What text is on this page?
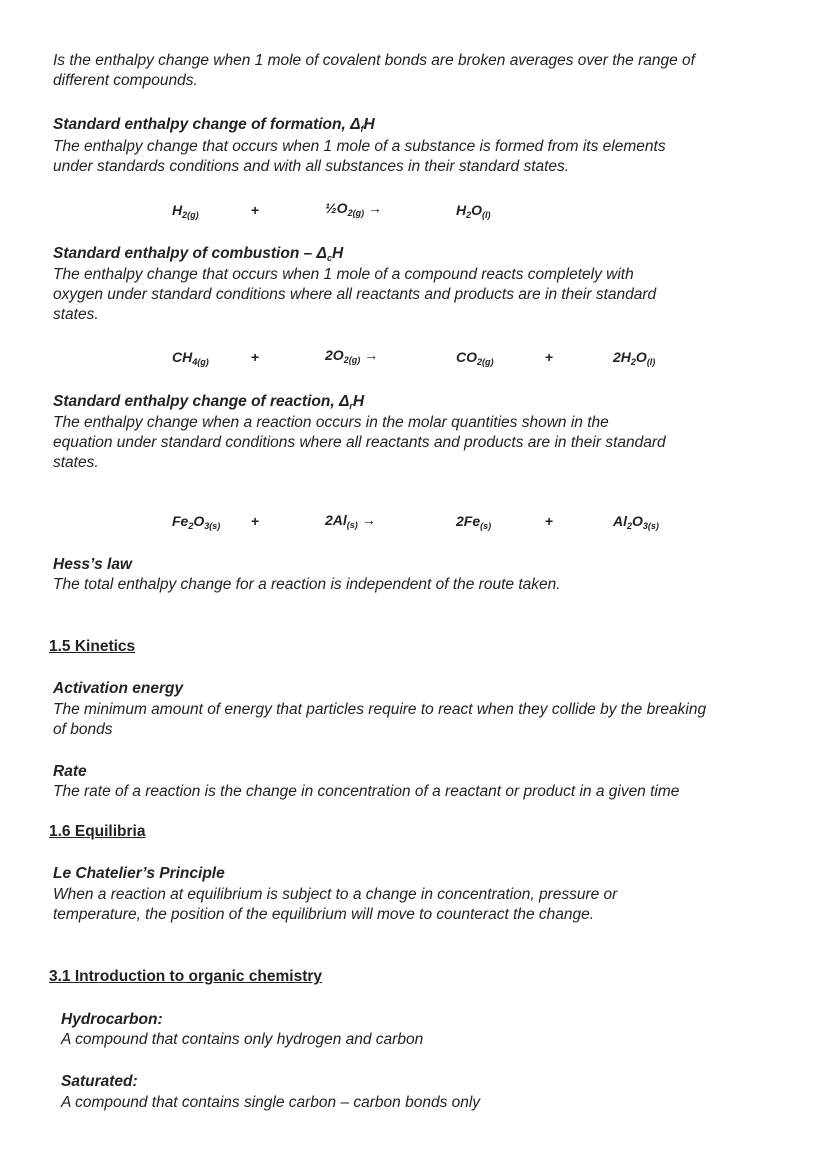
Is the enthalpy change when 1 mole of covalent bonds are broken averages over the range of
different compounds.
Standard enthalpy change of formation, ΔfH
The enthalpy change that occurs when 1 mole of a substance is formed from its elements
under standards conditions and with all substances in their standard states.
$H_{2(g)}$	+	$\frac{1}{2}O_{2(g)}$ →	$H_2O_{(l)}$
Standard enthalpy of combustion – ΔcH
The enthalpy change that occurs when 1 mole of a compound reacts completely with
oxygen under standard conditions where all reactants and products are in their standard
states.
$CH_{4(g)}$	+	$2O_{2(g)}$ →	$CO_{2(g)}$	+	$2H_2O_{(l)}$
Standard enthalpy change of reaction, ΔrH
The enthalpy change when a reaction occurs in the molar quantities shown in the
equation under standard conditions where all reactants and products are in their standard
states.
$Fe_2O_{3(s)}$ +	$2Al_{(s)}$ →	$2Fe_{(s)}$	+	$Al_2O_{3(s)}$
Hess’s law
The total enthalpy change for a reaction is independent of the route taken.
1.5 Kinetics
Activation energy
The minimum amount of energy that particles require to react when they collide by the breaking
of bonds
Rate
The rate of a reaction is the change in concentration of a reactant or product in a given time
1.6 Equilibria
Le Chatelier’s Principle
When a reaction at equilibrium is subject to a change in concentration, pressure or
temperature, the position of the equilibrium will move to counteract the change.
3.1 Introduction to organic chemistry
Hydrocarbon:
A compound that contains only hydrogen and carbon
Saturated:
A compound that contains single carbon – carbon bonds only
